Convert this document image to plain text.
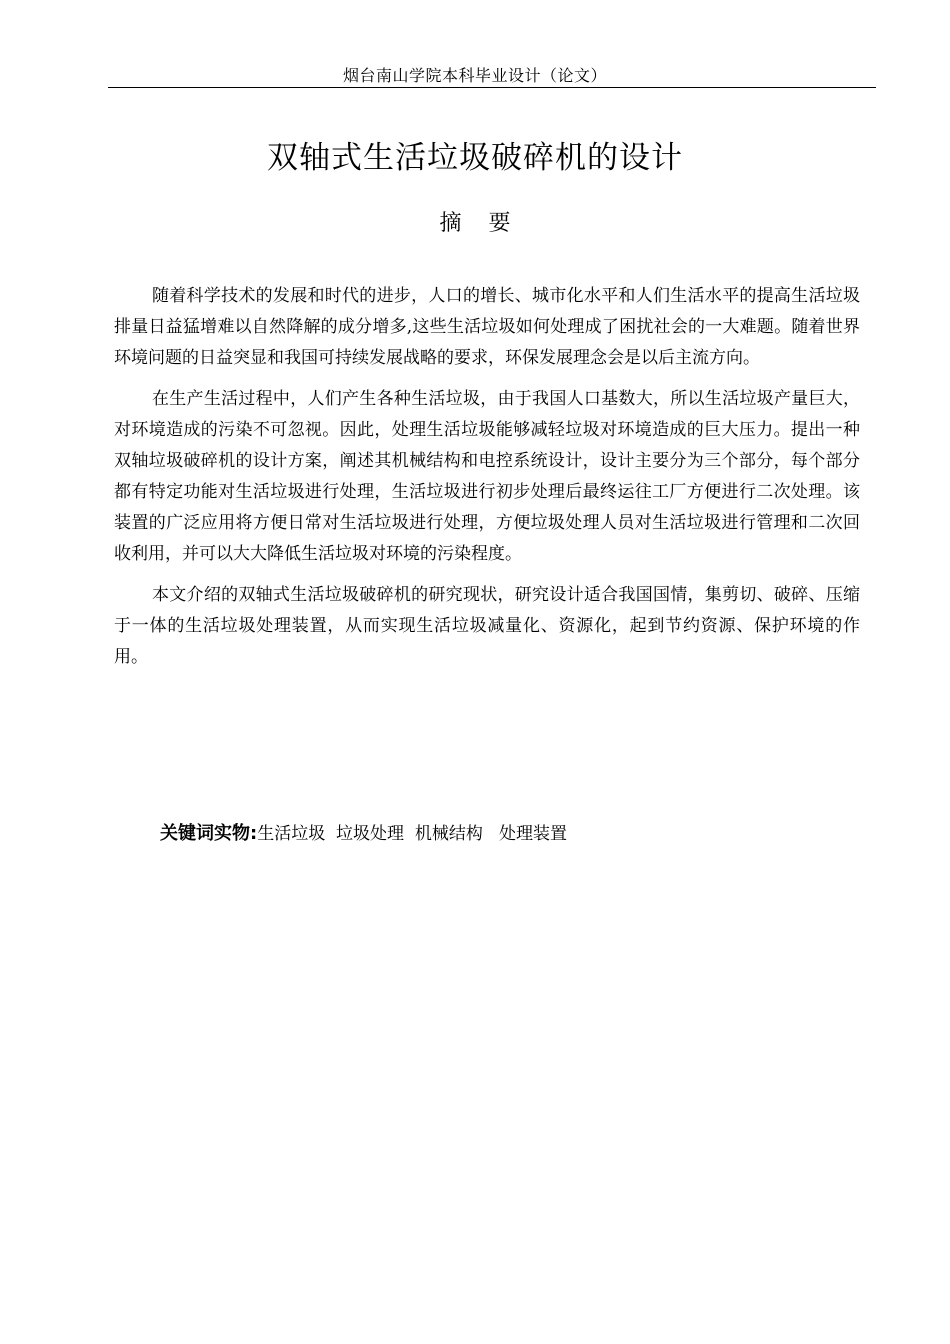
烟台南山学院本科毕业设计（论文）
双轴式生活垃圾破碎机的设计
摘 要

随着科学技术的发展和时代的进步，人口的增长、城市化水平和人们生活水平的提高生活垃圾排量日益猛增难以自然降解的成分增多,这些生活垃圾如何处理成了困扰社会的一大难题。随着世界环境问题的日益突显和我国可持续发展战略的要求，环保发展理念会是以后主流方向。

在生产生活过程中，人们产生各种生活垃圾，由于我国人口基数大，所以生活垃圾产量巨大，对环境造成的污染不可忽视。因此，处理生活垃圾能够减轻垃圾对环境造成的巨大压力。提出一种双轴垃圾破碎机的设计方案，阐述其机械结构和电控系统设计，设计主要分为三个部分，每个部分都有特定功能对生活垃圾进行处理，生活垃圾进行初步处理后最终运往工厂方便进行二次处理。该装置的广泛应用将方便日常对生活垃圾进行处理，方便垃圾处理人员对生活垃圾进行管理和二次回收利用，并可以大大降低生活垃圾对环境的污染程度。

本文介绍的双轴式生活垃圾破碎机的研究现状，研究设计适合我国国情，集剪切、破碎、压缩于一体的生活垃圾处理装置，从而实现生活垃圾减量化、资源化，起到节约资源、保护环境的作用。

关键词实物:生活垃圾  垃圾处理  机械结构   处理装置
